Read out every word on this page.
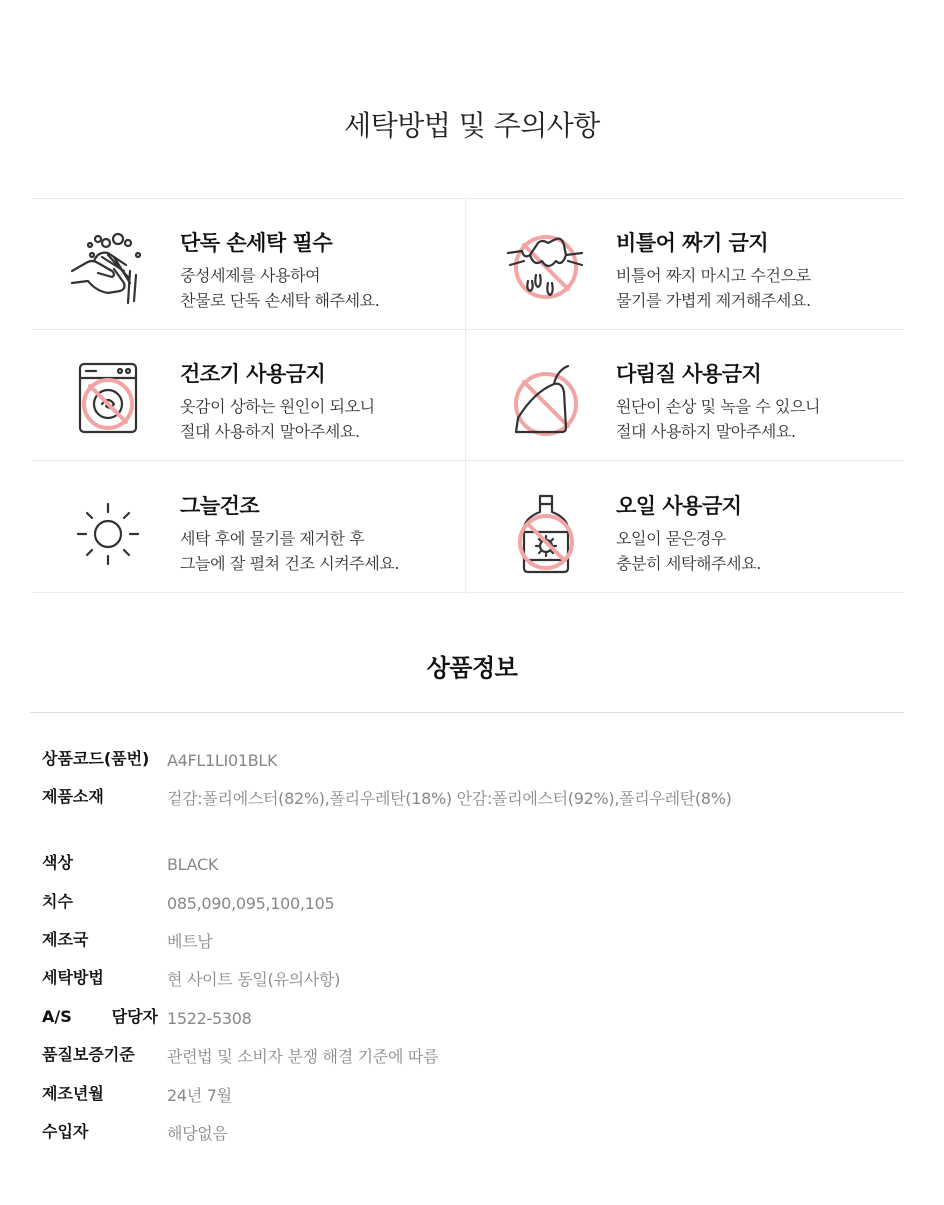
세탁방법 및 주의사항
단독 손세탁 필수
중성세제를 사용하여
찬물로 단독 손세탁 해주세요.
비틀어 짜기 금지
비틀어 짜지 마시고 수건으로
물기를 가볍게 제거해주세요.
건조기 사용금지
옷감이 상하는 원인이 되오니
절대 사용하지 말아주세요.
다림질 사용금지
원단이 손상 및 녹을 수 있으니
절대 사용하지 말아주세요.
그늘건조
세탁 후에 물기를 제거한 후
그늘에 잘 펼쳐 건조 시켜주세요.
오일 사용금지
오일이 묻은경우
충분히 세탁해주세요.
상품정보
상품코드(품번)	A4FL1LI01BLK
제품소재	겉감:폴리에스터(82%),폴리우레탄(18%) 안감:폴리에스터(92%),폴리우레탄(8%)
색상	BLACK
치수	085,090,095,100,105
제조국	베트남
세탁방법	현 사이트 동일(유의사항)
A/S 담당자 1522-5308
품질보증기준	관련법 및 소비자 분쟁 해결 기준에 따름
제조년월	24년 7월
수입자	해당없음
